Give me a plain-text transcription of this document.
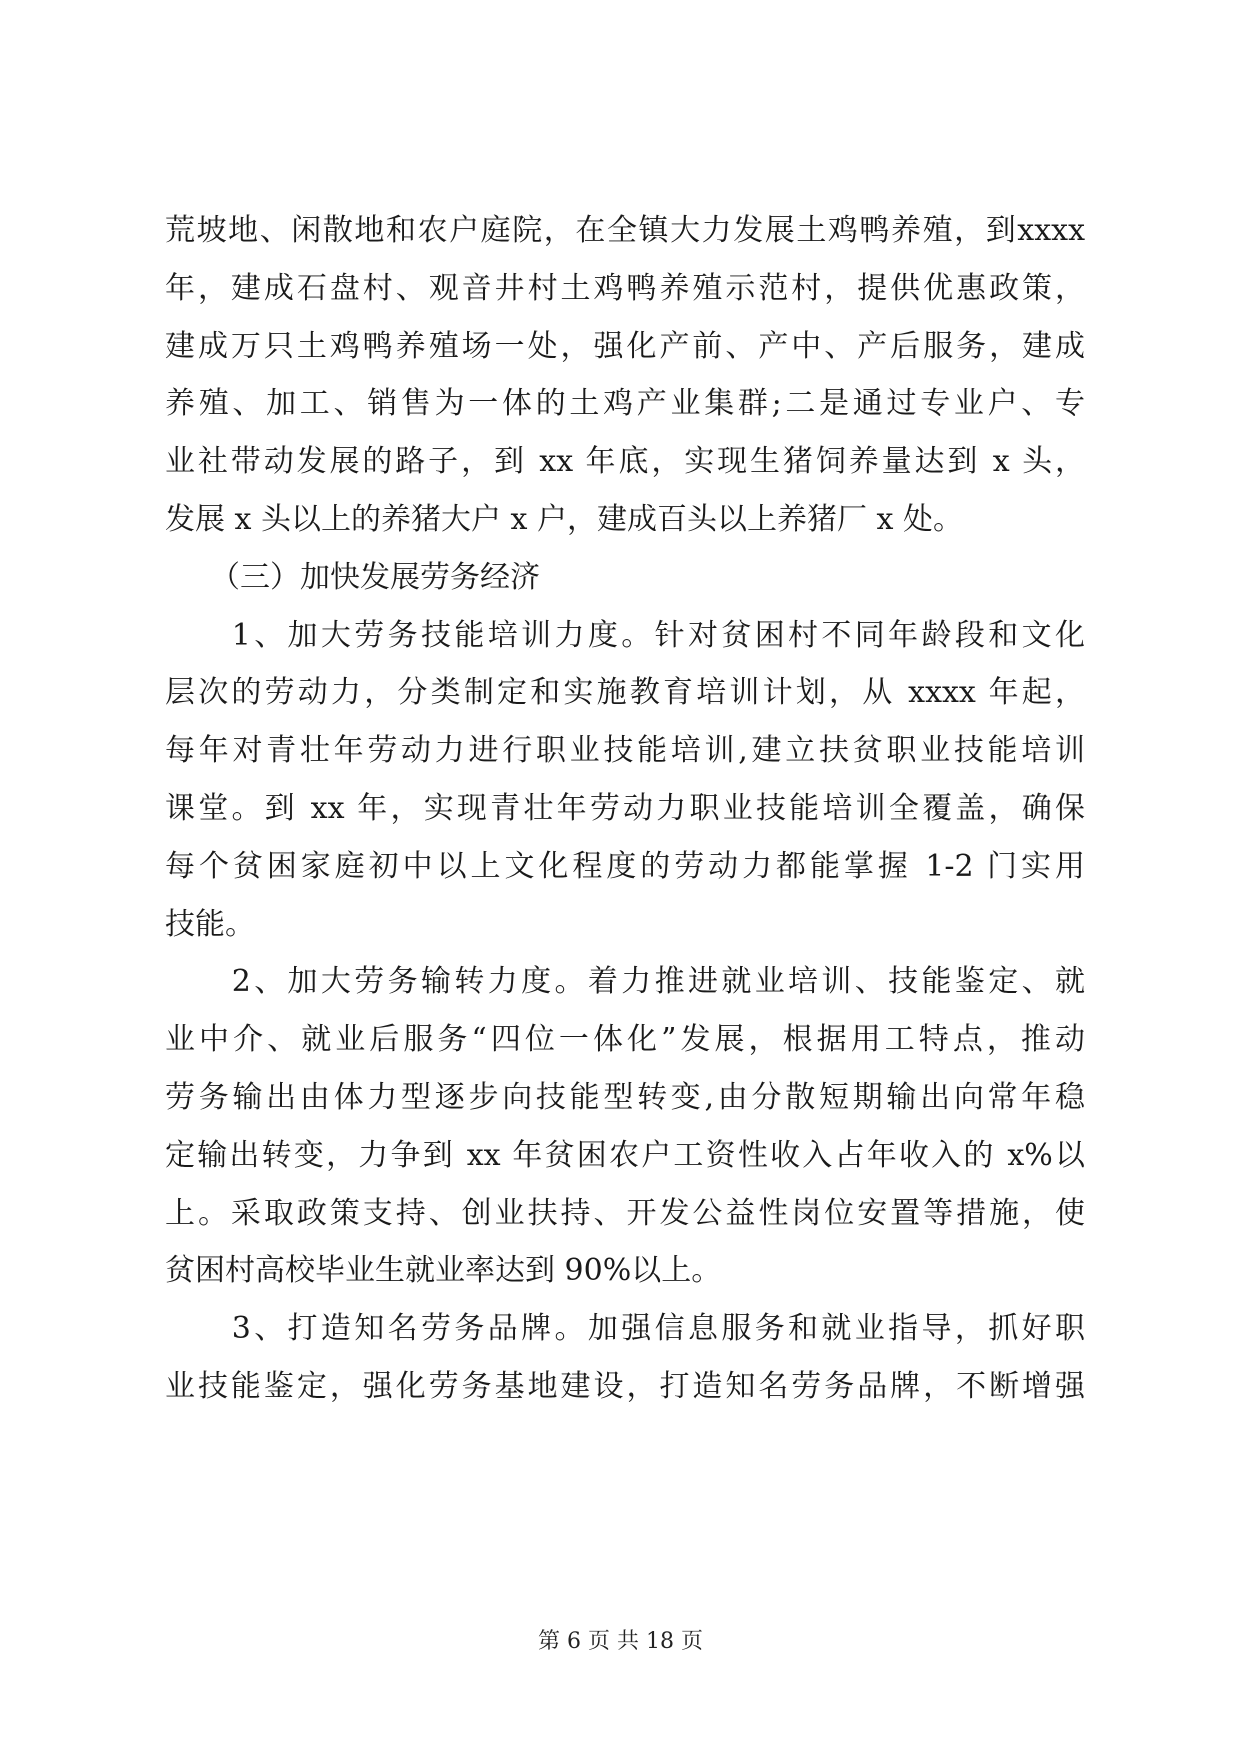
荒坡地、闲散地和农户庭院，在全镇大力发展土鸡鸭养殖，到xxxx
年，建成石盘村、观音井村土鸡鸭养殖示范村，提供优惠政策，
建成万只土鸡鸭养殖场一处，强化产前、产中、产后服务，建成
养殖、加工、销售为一体的土鸡产业集群;二是通过专业户、专
业社带动发展的路子，到 xx 年底，实现生猪饲养量达到 x 头，
发展 x 头以上的养猪大户 x 户，建成百头以上养猪厂 x 处。
　　（三）加快发展劳务经济
　　1、加大劳务技能培训力度。针对贫困村不同年龄段和文化
层次的劳动力，分类制定和实施教育培训计划，从 xxxx 年起，
每年对青壮年劳动力进行职业技能培训,建立扶贫职业技能培训
课堂。到 xx 年，实现青壮年劳动力职业技能培训全覆盖，确保
每个贫困家庭初中以上文化程度的劳动力都能掌握 1-2 门实用
技能。
　　2、加大劳务输转力度。着力推进就业培训、技能鉴定、就
业中介、就业后服务“四位一体化”发展，根据用工特点，推动
劳务输出由体力型逐步向技能型转变,由分散短期输出向常年稳
定输出转变，力争到 xx 年贫困农户工资性收入占年收入的 x%以
上。采取政策支持、创业扶持、开发公益性岗位安置等措施，使
贫困村高校毕业生就业率达到 90%以上。
　　3、打造知名劳务品牌。加强信息服务和就业指导，抓好职
业技能鉴定，强化劳务基地建设，打造知名劳务品牌，不断增强
第 6 页 共 18 页
